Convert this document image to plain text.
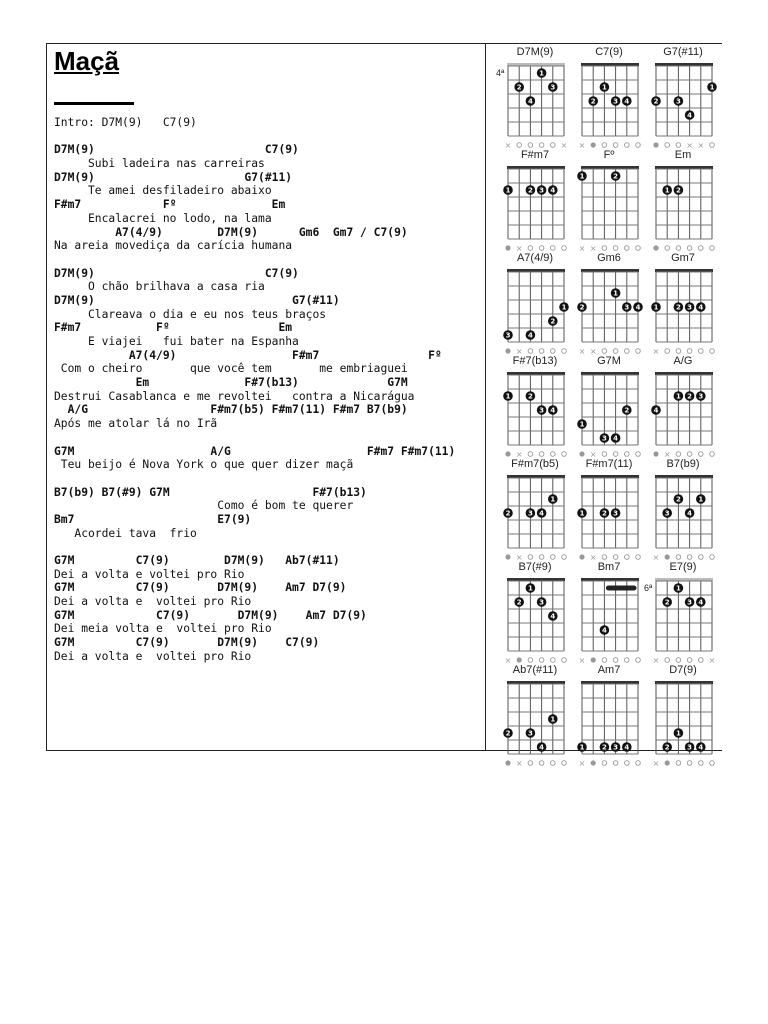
Maçã
Intro: D7M(9)   C7(9)
D7M(9)                         C7(9)
Subi ladeira nas carreiras
D7M(9)                      G7(#11)
Te amei desfiladeiro abaixo
F#m7            Fº              Em
Encalacrei no lodo, na lama
A7(4/9)        D7M(9)      Gm6  Gm7 / C7(9)
Na areia movediça da carícia humana
D7M(9)                         C7(9)
O chão brilhava a casa ria
D7M(9)                             G7(#11)
Clareava o dia e eu nos teus braços
F#m7           Fº                Em
E viajei   fui bater na Espanha
A7(4/9)                 F#m7                Fº
Com o cheiro       que você tem       me embriaguei
Em              F#7(b13)             G7M
Destrui Casablanca e me revoltei   contra a Nicarágua
A/G                  F#m7(b5) F#m7(11) F#m7 B7(b9)
Após me atolar lá no Irã
G7M                    A/G                    F#m7 F#m7(11)
Teu beijo é Nova York o que quer dizer maçã
B7(b9) B7(#9) G7M                     F#7(b13)
Como é bom te querer
Bm7                     E7(9)
Acordei tava  frio
G7M         C7(9)        D7M(9)   Ab7(#11)
Dei a volta e voltei pro Rio
G7M         C7(9)       D7M(9)    Am7 D7(9)
Dei a volta e  voltei pro Rio
G7M            C7(9)       D7M(9)    Am7 D7(9)
Dei meia volta e  voltei pro Rio
G7M         C7(9)       D7M(9)    C7(9)
Dei a volta e  voltei pro Rio
D7M(9)
4ª	1
2	3
4
×	×
C7(9)
1
2	3 4
×
G7(#11)
1
2	3
4
× ×
F#m7
1	2 3 4
×
Fº
1	2
× ×
Em
1 2
A7(4/9)
1
2
3	4
×
Gm6
1
2	3 4
× ×
Gm7
1	2 3 4
×
F#7(b13)
1	2
3 4
×
G7M
2
1
3 4
×
A/G
1 2 3
4
×
F#m7(b5)
1
2	3 4
×
F#m7(11)
1	2 3
×
B7(b9)
1
2
3	4
×
B7(#9)
1
2	3
4
×
Bm7
4
×
E7(9)
6ª	1
2	3 4
×	×
Ab7(#11)
1
2	3
4
×
Am7
1	2 3 4
×
D7(9)
1
2	3 4
×
